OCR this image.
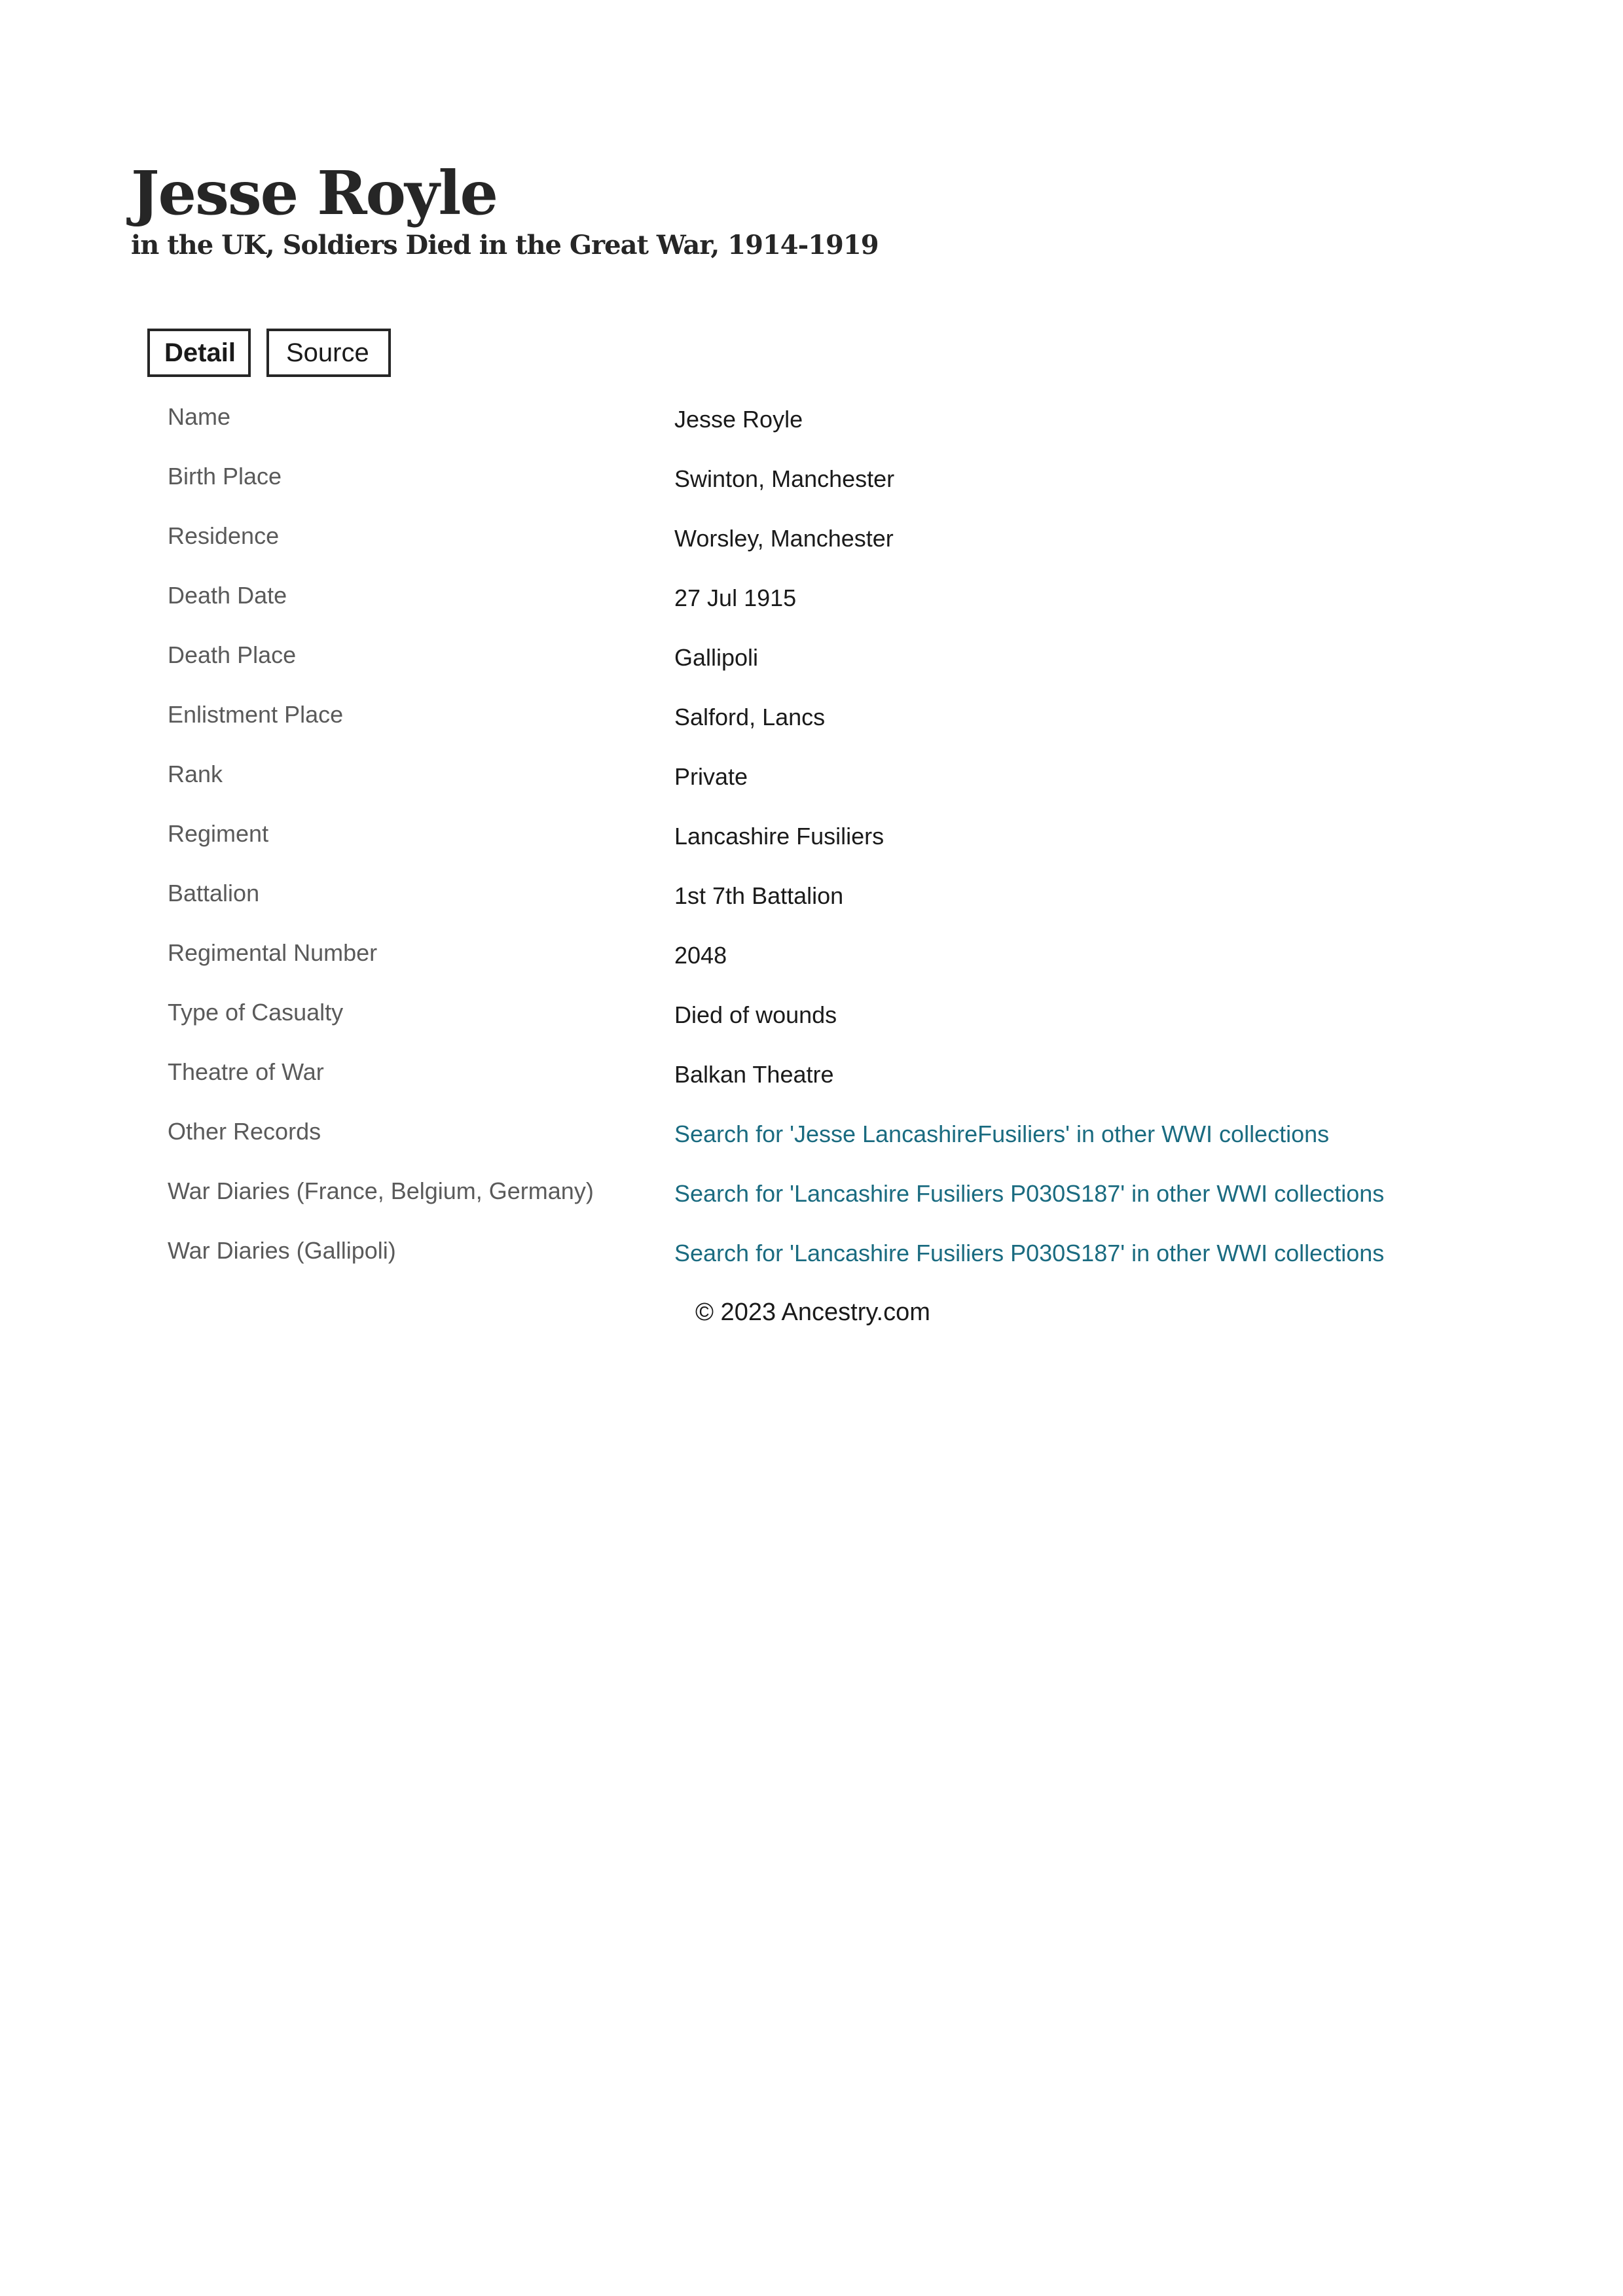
Jesse Royle
in the UK, Soldiers Died in the Great War, 1914-1919
Detail	Source
Name	Jesse Royle
Birth Place	Swinton, Manchester
Residence	Worsley, Manchester
Death Date	27 Jul 1915
Death Place	Gallipoli
Enlistment Place	Salford, Lancs
Rank	Private
Regiment	Lancashire Fusiliers
Battalion	1st 7th Battalion
Regimental Number	2048
Type of Casualty	Died of wounds
Theatre of War	Balkan Theatre
Other Records	Search for 'Jesse LancashireFusiliers' in other WWI collections
War Diaries (France, Belgium, Germany)	Search for 'Lancashire Fusiliers P030S187' in other WWI collections
War Diaries (Gallipoli)	Search for 'Lancashire Fusiliers P030S187' in other WWI collections
© 2023 Ancestry.com
